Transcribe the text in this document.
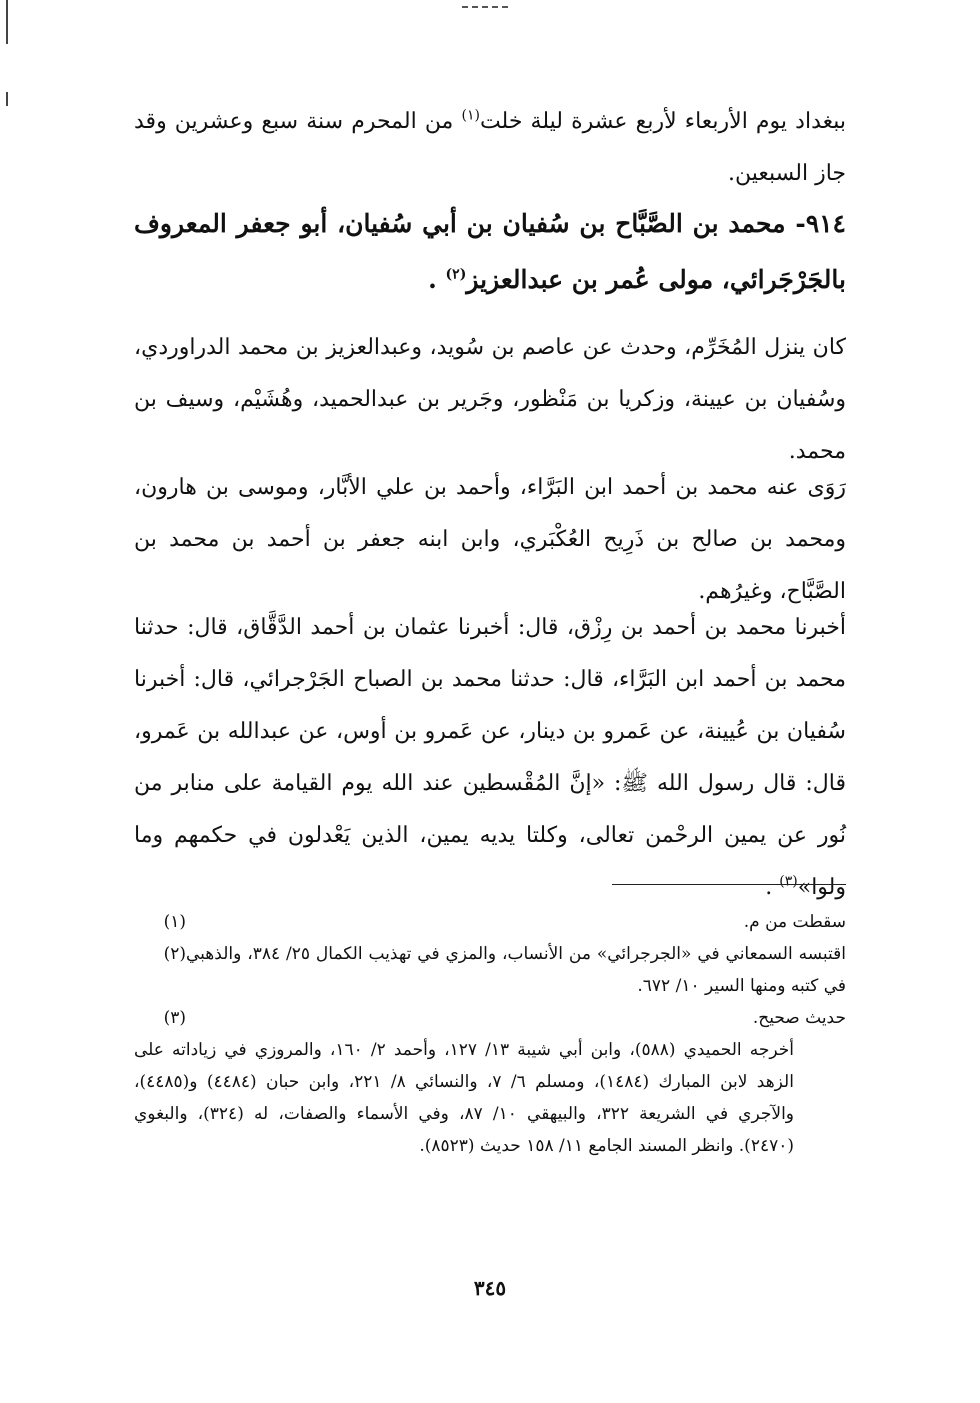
ببغداد يوم الأربعاء لأربع عشرة ليلة خلت$^{(١)}$ من المحرم سنة سبع وعشرين وقد جاز السبعين.
٩١٤- محمد بن الصَّبَّاح بن سُفيان بن أبي سُفيان، أبو جعفر المعروف بالجَرْجَرائي، مولى عُمر بن عبدالعزيز$^{(٢)}$ .
كان ينزل المُخَرِّم، وحدث عن عاصم بن سُويد، وعبدالعزيز بن محمد الدراوردي، وسُفيان بن عيينة، وزكريا بن مَنْظور، وجَرير بن عبدالحميد، وهُشَيْم، وسيف بن محمد.
رَوَى عنه محمد بن أحمد ابن البَرَّاء، وأحمد بن علي الأبَّار، وموسى بن هارون، ومحمد بن صالح بن ذَرِيح العُكْبَري، وابن ابنه جعفر بن أحمد بن محمد بن الصَّبَّاح، وغيرُهم.
أخبرنا محمد بن أحمد بن رِزْق، قال: أخبرنا عثمان بن أحمد الدَّقَّاق، قال: حدثنا محمد بن أحمد ابن البَرَّاء، قال: حدثنا محمد بن الصباح الجَرْجرائي، قال: أخبرنا سُفيان بن عُيينة، عن عَمرو بن دينار، عن عَمرو بن أوس، عن عبدالله بن عَمرو، قال: قال رسول الله ﷺ: «إنَّ المُقْسطين عند الله يوم القيامة على منابر من نُور عن يمين الرحْمن تعالى، وكلتا يديه يمين، الذين يَعْدلون في حكمهم وما ولوا»$^{(٣)}$ .
(١)	سقطت من م.
(٢) اقتبسه السمعاني في «الجرجرائي» من الأنساب، والمزي في تهذيب الكمال ٢٥/ ٣٨٤، والذهبي في كتبه ومنها السير ١٠/ ٦٧٢.
(٣)	حديث صحيح.
أخرجه الحميدي (٥٨٨)، وابن أبي شيبة ١٣/ ١٢٧، وأحمد ٢/ ١٦٠، والمروزي في زياداته على الزهد لابن المبارك (١٤٨٤)، ومسلم ٦/ ٧، والنسائي ٨/ ٢٢١، وابن حبان (٤٤٨٤) و(٤٤٨٥)، والآجري في الشريعة ٣٢٢، والبيهقي ١٠/ ٨٧، وفي الأسماء والصفات، له (٣٢٤)، والبغوي (٢٤٧٠). وانظر المسند الجامع ١١/ ١٥٨ حديث (٨٥٢٣).
٣٤٥
